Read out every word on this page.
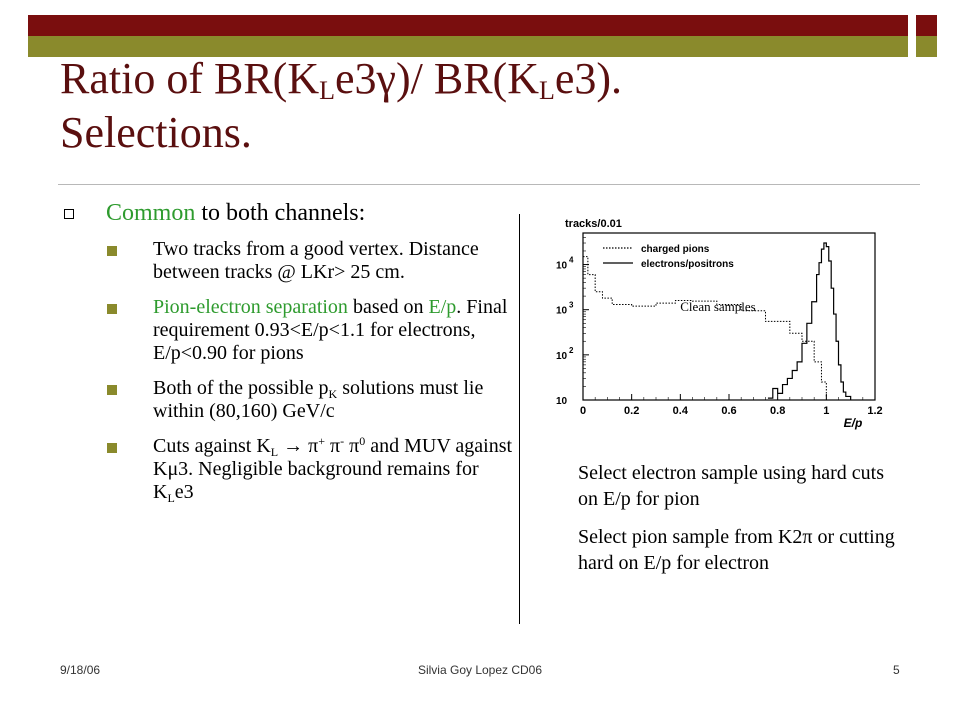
Ratio of $BR(K_Le3\gamma)/$ $BR(K_Le3)$.
Selections.
Common to both channels:
Two tracks from a good vertex. Distance between tracks @ LKr> 25 cm.
Pion-electron separation based on E/p. Final requirement 0.93<E/p<1.1 for electrons, E/p<0.90 for pions
Both of the possible $p_K$ solutions must lie within (80,160) GeV/c
Cuts against $K_L \to \pi^+$ π- $\pi^0$ and MUV against Kμ3. Negligible background remains for $K_Le3$
tracks/0.01
10
10
2
10
3
10
4
0	0.2	0.4	0.6	0.8	1	1.2
E/p
charged pions
electrons/positrons
Clean samples
Select electron sample using hard cuts on E/p for pion
Select pion sample from K2π or cutting hard on E/p for electron
9/18/06	Silvia Goy Lopez CD06	5
